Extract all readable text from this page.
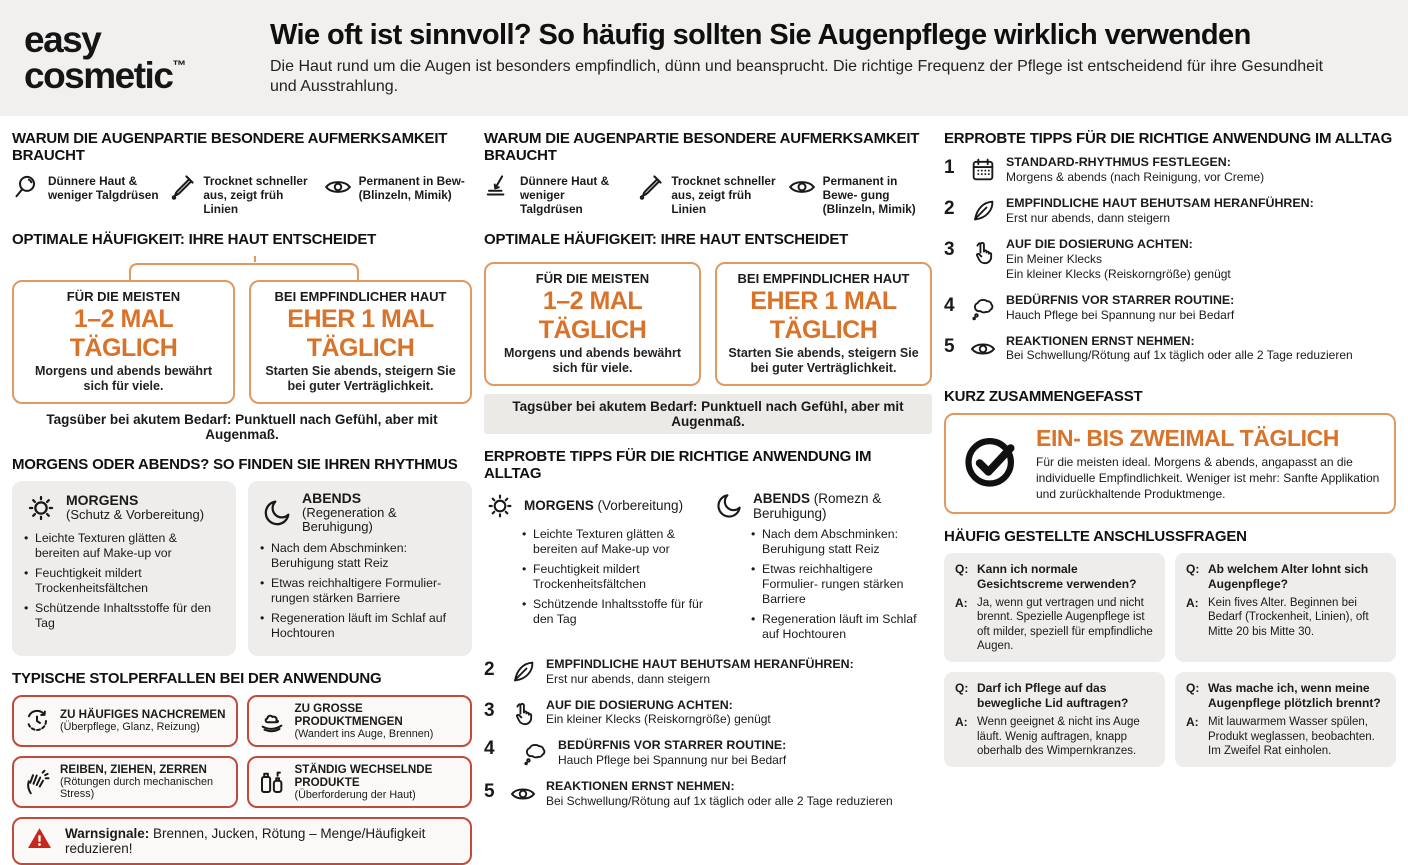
easy
cosmetic™
Wie oft ist sinnvoll? So häufig sollten Sie Augenpflege wirklich verwenden

Die Haut rund um die Augen ist besonders empfindlich, dünn und beansprucht. Die richtige Frequenz der Pflege ist entscheidend für ihre Gesundheit und Ausstrahlung.

WARUM DIE AUGENPARTIE BESONDERE AUFMERKSAMKEIT BRAUCHT
Dünnere Haut & weniger Talgdrüsen
Trocknet schneller aus, zeigt früh Linien
Permanent in Bew- (Blinzeln, Mimik)
OPTIMALE HÄUFIGKEIT: IHRE HAUT ENTSCHEIDET
FÜR DIE MEISTEN
1–2 MAL TÄGLICH
Morgens und abends bewährt sich für viele.
BEI EMPFINDLICHER HAUT
EHER 1 MAL TÄGLICH
Starten Sie abends, steigern Sie bei guter Verträglichkeit.

Tagsüber bei akutem Bedarf: Punktuell nach Gefühl, aber mit Augenmaß.

MORGENS ODER ABENDS? SO FINDEN SIE IHREN RHYTHMUS
MORGENS
(Schutz & Vorbereitung)
• Leichte Texturen glätten & bereiten auf Make-up vor
• Feuchtigkeit mildert Trockenheitsfältchen
• Schützende Inhaltsstoffe für den Tag
ABENDS
(Regeneration & Beruhigung)
• Nach dem Abschminken: Beruhigung statt Reiz
• Etwas reichhaltigere Formulier- rungen stärken Barriere
• Regeneration läuft im Schlaf auf Hochtouren
TYPISCHE STOLPERFALLEN BEI DER ANWENDUNG
ZU HÄUFIGES NACHCREMEN
(Überpflege, Glanz, Reizung)
ZU GROSSE PRODUKTMENGEN
(Wandert ins Auge, Brennen)
REIBEN, ZIEHEN, ZERREN
(Rötungen durch mechanischen Stress)
STÄNDIG WECHSELNDE PRODUKTE
(Überforderung der Haut)

Warnsignale: Brennen, Jucken, Rötung – Menge/Häufigkeit reduzieren!

WARUM DIE AUGENPARTIE BESONDERE AUFMERKSAMKEIT BRAUCHT
Dünnere Haut & weniger Talgdrüsen
Trocknet schneller aus, zeigt früh Linien
Permanent in Bewe- gung (Blinzeln, Mimik)
OPTIMALE HÄUFIGKEIT: IHRE HAUT ENTSCHEIDET
FÜR DIE MEISTEN
1–2 MAL TÄGLICH
Morgens und abends bewährt sich für viele.
BEI EMPFINDLICHER HAUT
EHER 1 MAL TÄGLICH
Starten Sie abends, steigern Sie bei guter Verträglichkeit.

Tagsüber bei akutem Bedarf: Punktuell nach Gefühl, aber mit Augenmaß.

ERPROBTE TIPPS FÜR DIE RICHTIGE ANWENDUNG IM ALLTAG
MORGENS (Vorbereitung)
• Leichte Texturen glätten & bereiten auf Make-up vor
• Feuchtigkeit mildert Trockenheitsfältchen
• Schützende Inhaltsstoffe für für den Tag
ABENDS (Romezn & Beruhigung)
• Nach dem Abschminken: Beruhigung statt Reiz
• Etwas reichhaltigere Formulier- rungen stärken Barriere
• Regeneration läuft im Schlaf auf Hochtouren
2	EMPFINDLICHE HAUT BEHUTSAM HERANFÜHREN:
Erst nur abends, dann steigern
3	AUF DIE DOSIERUNG ACHTEN:
Ein kleiner Klecks (Reiskorngröße) genügt
4	BEDÜRFNIS VOR STARRER ROUTINE:
Hauch Pflege bei Spannung nur bei Bedarf
5	REAKTIONEN ERNST NEHMEN:
Bei Schwellung/Rötung auf 1x täglich oder alle 2 Tage reduzieren
ERPROBTE TIPPS FÜR DIE RICHTIGE ANWENDUNG IM ALLTAG
1	STANDARD-RHYTHMUS FESTLEGEN:
Morgens & abends (nach Reinigung, vor Creme)
2	EMPFINDLICHE HAUT BEHUTSAM HERANFÜHREN:
Erst nur abends, dann steigern
3	AUF DIE DOSIERUNG ACHTEN:
Ein Meiner Klecks
Ein kleiner Klecks (Reiskorngröße) genügt
4	BEDÜRFNIS VOR STARRER ROUTINE:
Hauch Pflege bei Spannung nur bei Bedarf
5	REAKTIONEN ERNST NEHMEN:
Bei Schwellung/Rötung auf 1x täglich oder alle 2 Tage reduzieren
KURZ ZUSAMMENGEFASST
EIN- BIS ZWEIMAL TÄGLICH
Für die meisten ideal. Morgens & abends, angapasst an die individuelle Empfindlichkeit. Weniger ist mehr: Sanfte Applikation und zurückhaltende Produktmenge.
HÄUFIG GESTELLTE ANSCHLUSSFRAGEN
Q: Kann ich normale Gesichtscreme verwenden?
A: Ja, wenn gut vertragen und nicht brennt. Spezielle Augenpflege ist oft milder, speziell für empfindliche Augen.
Q: Ab welchem Alter lohnt sich Augenpflege?
A: Kein fives Alter. Beginnen bei Bedarf (Trockenheit, Linien), oft Mitte 20 bis Mitte 30.
Q: Darf ich Pflege auf das bewegliche Lid auftragen?
A: Wenn geeignet & nicht ins Auge läuft. Wenig auftragen, knapp oberhalb des Wimpernkranzes.
Q: Was mache ich, wenn meine Augenpflege plötzlich brennt?
A: Mit lauwarmem Wasser spülen, Produkt weglassen, beobachten. Im Zweifel Rat einholen.
